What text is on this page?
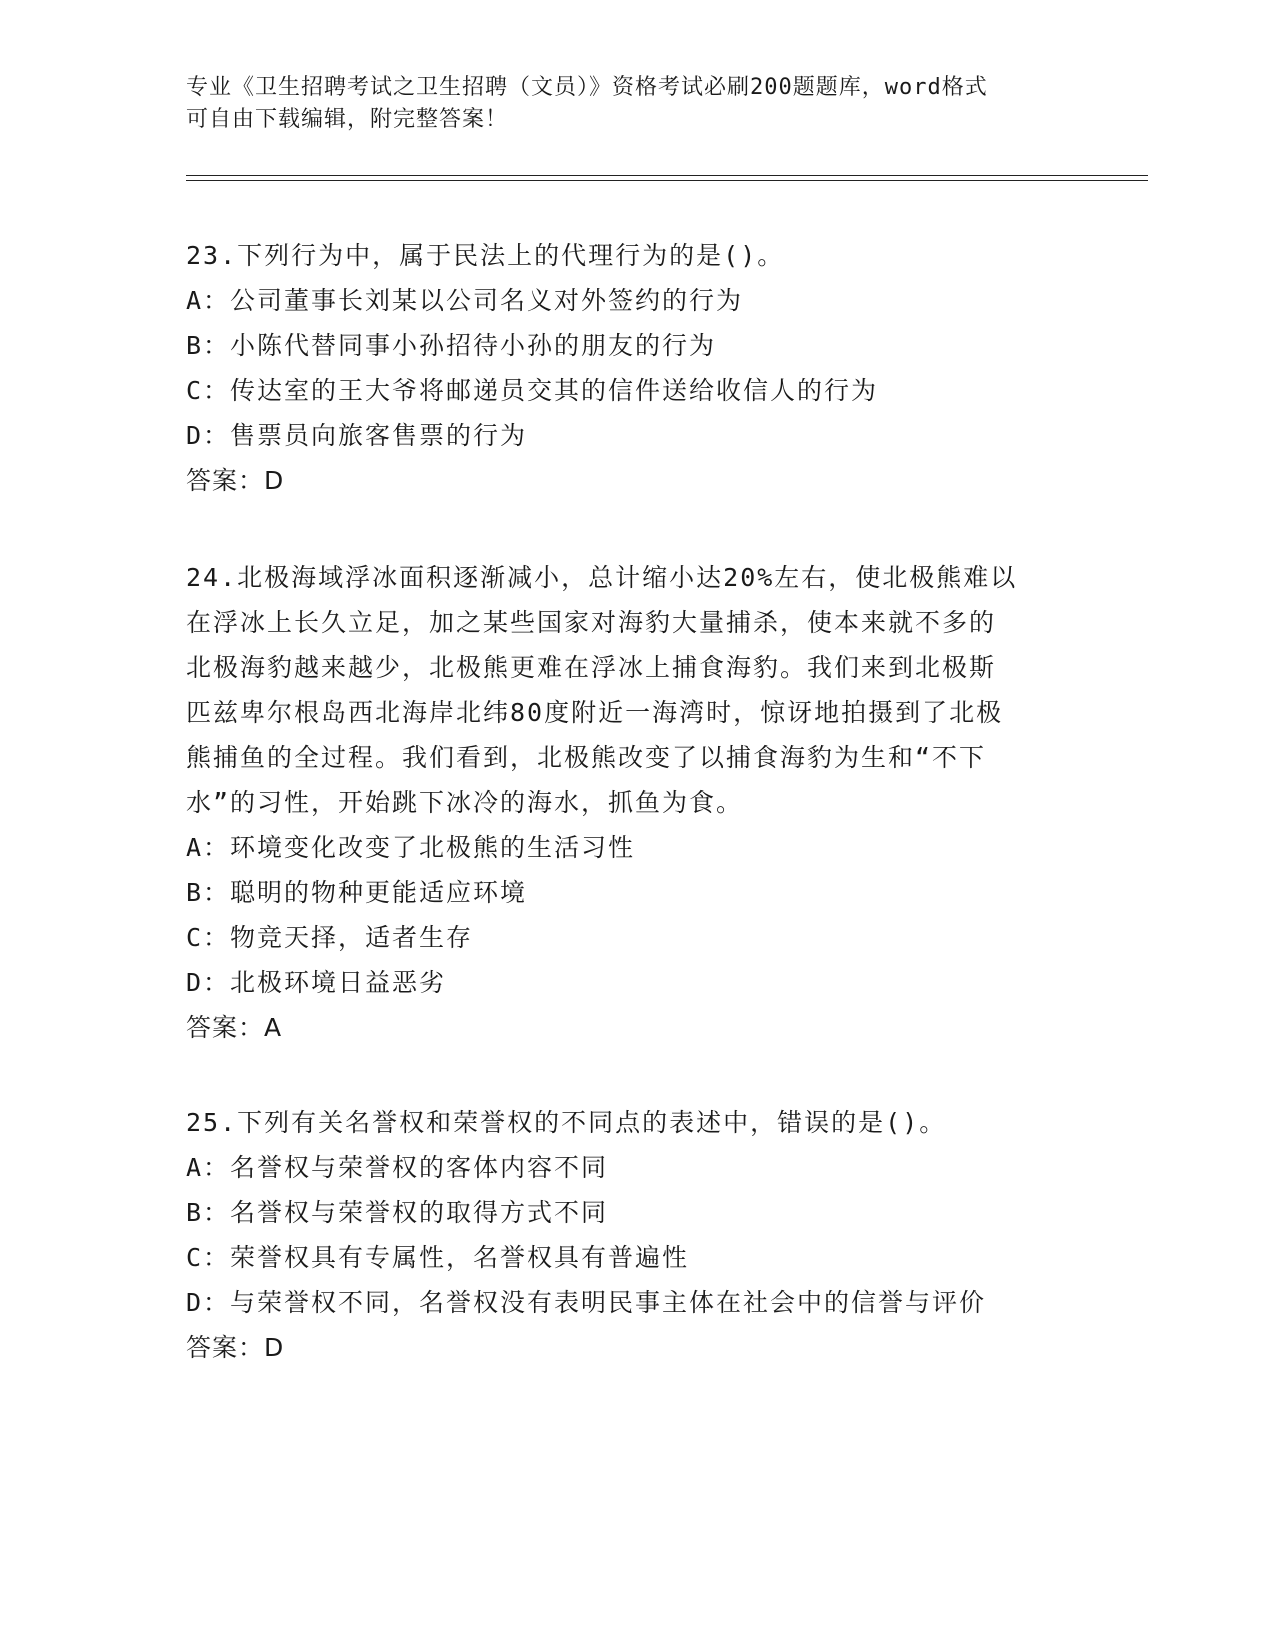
专业《卫生招聘考试之卫生招聘（文员）》资格考试必刷200题题库，word格式
可自由下载编辑，附完整答案！

23.下列行为中，属于民法上的代理行为的是()。

A：公司董事长刘某以公司名义对外签约的行为

B：小陈代替同事小孙招待小孙的朋友的行为

C：传达室的王大爷将邮递员交其的信件送给收信人的行为

D：售票员向旅客售票的行为

答案：D

24.北极海域浮冰面积逐渐减小，总计缩小达20%左右，使北极熊难以

在浮冰上长久立足，加之某些国家对海豹大量捕杀，使本来就不多的

北极海豹越来越少，北极熊更难在浮冰上捕食海豹。我们来到北极斯

匹兹卑尔根岛西北海岸北纬80度附近一海湾时，惊讶地拍摄到了北极

熊捕鱼的全过程。我们看到，北极熊改变了以捕食海豹为生和“不下

水”的习性，开始跳下冰冷的海水，抓鱼为食。

A：环境变化改变了北极熊的生活习性

B：聪明的物种更能适应环境

C：物竞天择，适者生存

D：北极环境日益恶劣

答案：A

25.下列有关名誉权和荣誉权的不同点的表述中，错误的是()。

A：名誉权与荣誉权的客体内容不同

B：名誉权与荣誉权的取得方式不同

C：荣誉权具有专属性，名誉权具有普遍性

D：与荣誉权不同，名誉权没有表明民事主体在社会中的信誉与评价

答案：D
